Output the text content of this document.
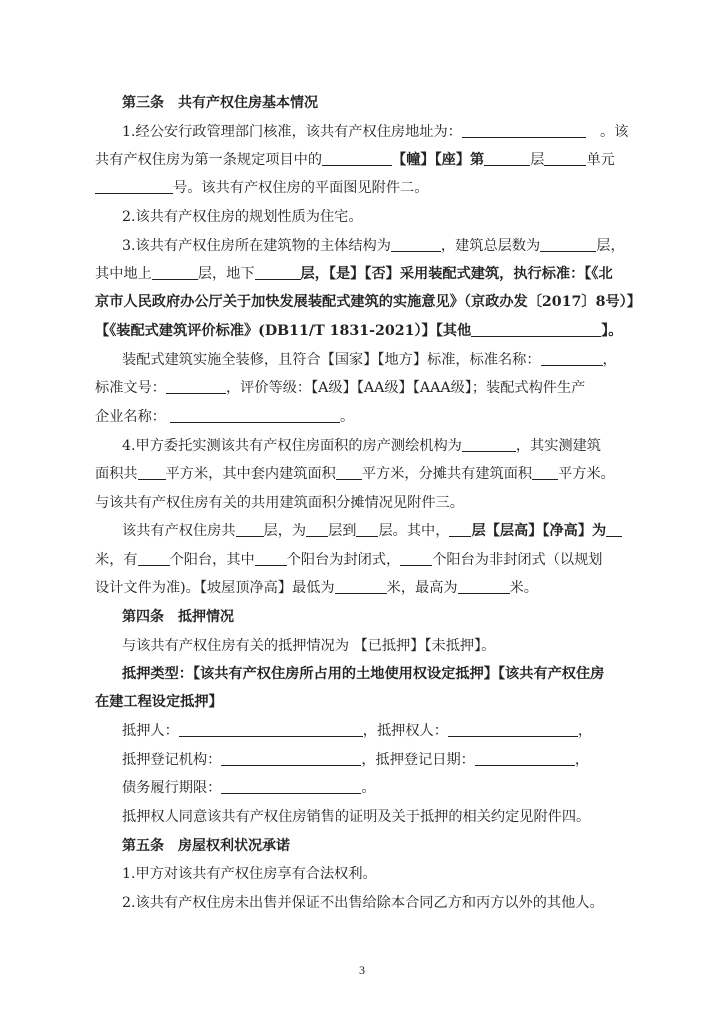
第三条　共有产权住房基本情况
1.经公安行政管理部门核准，该共有产权住房地址为：	　。该
共有产权住房为第一条规定项目中的	【幢】【座】第	层	单元
号。该共有产权住房的平面图见附件二。
2.该共有产权住房的规划性质为住宅。
3.该共有产权住房所在建筑物的主体结构为	，建筑总层数为	层，
其中地上	层，地下	层，【是】【否】采用装配式建筑，执行标准：【《北
京市人民政府办公厅关于加快发展装配式建筑的实施意见》（京政办发〔2017〕8号）】
【《装配式建筑评价标准》(DB11/T 1831-2021）】【其他	】。
装配式建筑实施全装修，且符合【国家】【地方】标准，标准名称：	，
标准文号：	，评价等级：【A级】【AA级】【AAA级】；装配式构件生产
企业名称：	。
4.甲方委托实测该共有产权住房面积的房产测绘机构为	，其实测建筑
面积共 平方米，其中套内建筑面积 平方米，分摊共有建筑面积 平方米。
与该共有产权住房有关的共用建筑面积分摊情况见附件三。
该共有产权住房共 层，为 层到 层。其中， 层【层高】【净高】为
米，有 个阳台，其中 个阳台为封闭式， 个阳台为非封闭式（以规划
设计文件为准)。【坡屋顶净高】最低为	米，最高为	米。
第四条　抵押情况
与该共有产权住房有关的抵押情况为 【已抵押】【未抵押】。
抵押类型：【该共有产权住房所占用的土地使用权设定抵押】【该共有产权住房
在建工程设定抵押】
抵押人：	，抵押权人：	，
抵押登记机构：	，抵押登记日期：	，
债务履行期限：	。
抵押权人同意该共有产权住房销售的证明及关于抵押的相关约定见附件四。
第五条　房屋权利状况承诺
1.甲方对该共有产权住房享有合法权利。
2.该共有产权住房未出售并保证不出售给除本合同乙方和丙方以外的其他人。
3
